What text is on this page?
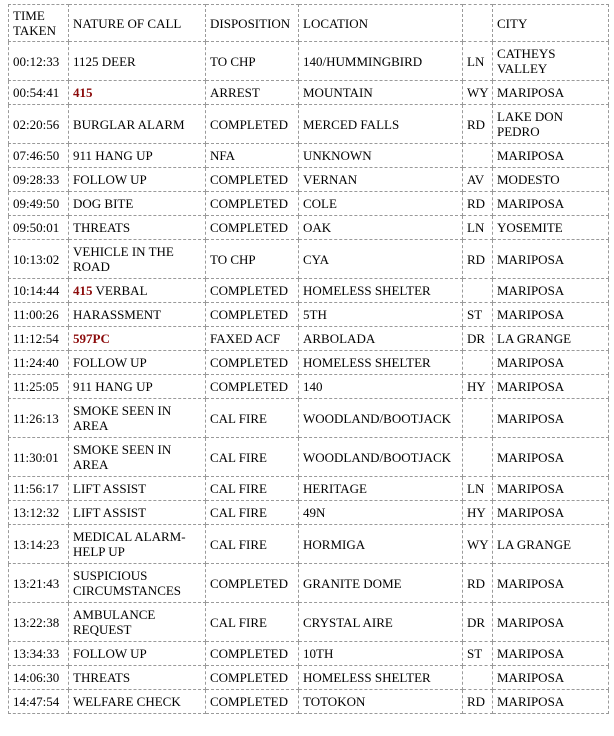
TIME TAKEN	NATURE OF CALL	DISPOSITION	LOCATION		CITY
00:12:33	1125 DEER	TO CHP	140/HUMMINGBIRD	LN	CATHEYS VALLEY
00:54:41	415	ARREST	MOUNTAIN	WY	MARIPOSA
02:20:56	BURGLAR ALARM	COMPLETED	MERCED FALLS	RD	LAKE DON PEDRO
07:46:50	911 HANG UP	NFA	UNKNOWN		MARIPOSA
09:28:33	FOLLOW UP	COMPLETED	VERNAN	AV	MODESTO
09:49:50	DOG BITE	COMPLETED	COLE	RD	MARIPOSA
09:50:01	THREATS	COMPLETED	OAK	LN	YOSEMITE
10:13:02	VEHICLE IN THE ROAD	TO CHP	CYA	RD	MARIPOSA
10:14:44	415 VERBAL	COMPLETED	HOMELESS SHELTER		MARIPOSA
11:00:26	HARASSMENT	COMPLETED	5TH	ST	MARIPOSA
11:12:54	597PC	FAXED ACF	ARBOLADA	DR	LA GRANGE
11:24:40	FOLLOW UP	COMPLETED	HOMELESS SHELTER		MARIPOSA
11:25:05	911 HANG UP	COMPLETED	140	HY	MARIPOSA
11:26:13	SMOKE SEEN IN AREA	CAL FIRE	WOODLAND/BOOTJACK		MARIPOSA
11:30:01	SMOKE SEEN IN AREA	CAL FIRE	WOODLAND/BOOTJACK		MARIPOSA
11:56:17	LIFT ASSIST	CAL FIRE	HERITAGE	LN	MARIPOSA
13:12:32	LIFT ASSIST	CAL FIRE	49N	HY	MARIPOSA
13:14:23	MEDICAL ALARM-HELP UP	CAL FIRE	HORMIGA	WY	LA GRANGE
13:21:43	SUSPICIOUS CIRCUMSTANCES	COMPLETED	GRANITE DOME	RD	MARIPOSA
13:22:38	AMBULANCE REQUEST	CAL FIRE	CRYSTAL AIRE	DR	MARIPOSA
13:34:33	FOLLOW UP	COMPLETED	10TH	ST	MARIPOSA
14:06:30	THREATS	COMPLETED	HOMELESS SHELTER		MARIPOSA
14:47:54	WELFARE CHECK	COMPLETED	TOTOKON	RD	MARIPOSA
